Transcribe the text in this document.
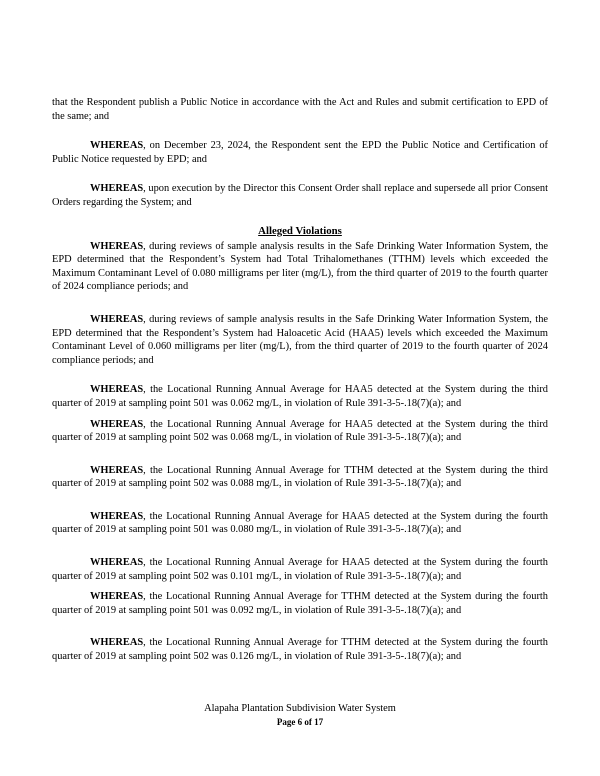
that the Respondent publish a Public Notice in accordance with the Act and Rules and submit certification to EPD of the same; and

WHEREAS, on December 23, 2024, the Respondent sent the EPD the Public Notice and Certification of Public Notice requested by EPD; and

WHEREAS, upon execution by the Director this Consent Order shall replace and supersede all prior Consent Orders regarding the System; and

Alleged Violations

WHEREAS, during reviews of sample analysis results in the Safe Drinking Water Information System, the EPD determined that the Respondent’s System had Total Trihalomethanes (TTHM) levels which exceeded the Maximum Contaminant Level of 0.080 milligrams per liter (mg/L), from the third quarter of 2019 to the fourth quarter of 2024 compliance periods; and

WHEREAS, during reviews of sample analysis results in the Safe Drinking Water Information System, the EPD determined that the Respondent’s System had Haloacetic Acid (HAA5) levels which exceeded the Maximum Contaminant Level of 0.060 milligrams per liter (mg/L), from the third quarter of 2019 to the fourth quarter of 2024 compliance periods; and

WHEREAS, the Locational Running Annual Average for HAA5 detected at the System during the third quarter of 2019 at sampling point 501 was 0.062 mg/L, in violation of Rule 391-3-5-.18(7)(a); and

WHEREAS, the Locational Running Annual Average for HAA5 detected at the System during the third quarter of 2019 at sampling point 502 was 0.068 mg/L, in violation of Rule 391-3-5-.18(7)(a); and

WHEREAS, the Locational Running Annual Average for TTHM detected at the System during the third quarter of 2019 at sampling point 502 was 0.088 mg/L, in violation of Rule 391-3-5-.18(7)(a); and

WHEREAS, the Locational Running Annual Average for HAA5 detected at the System during the fourth quarter of 2019 at sampling point 501 was 0.080 mg/L, in violation of Rule 391-3-5-.18(7)(a); and

WHEREAS, the Locational Running Annual Average for HAA5 detected at the System during the fourth quarter of 2019 at sampling point 502 was 0.101 mg/L, in violation of Rule 391-3-5-.18(7)(a); and

WHEREAS, the Locational Running Annual Average for TTHM detected at the System during the fourth quarter of 2019 at sampling point 501 was 0.092 mg/L, in violation of Rule 391-3-5-.18(7)(a); and

WHEREAS, the Locational Running Annual Average for TTHM detected at the System during the fourth quarter of 2019 at sampling point 502 was 0.126 mg/L, in violation of Rule 391-3-5-.18(7)(a); and

Alapaha Plantation Subdivision Water System
Page 6 of 17
